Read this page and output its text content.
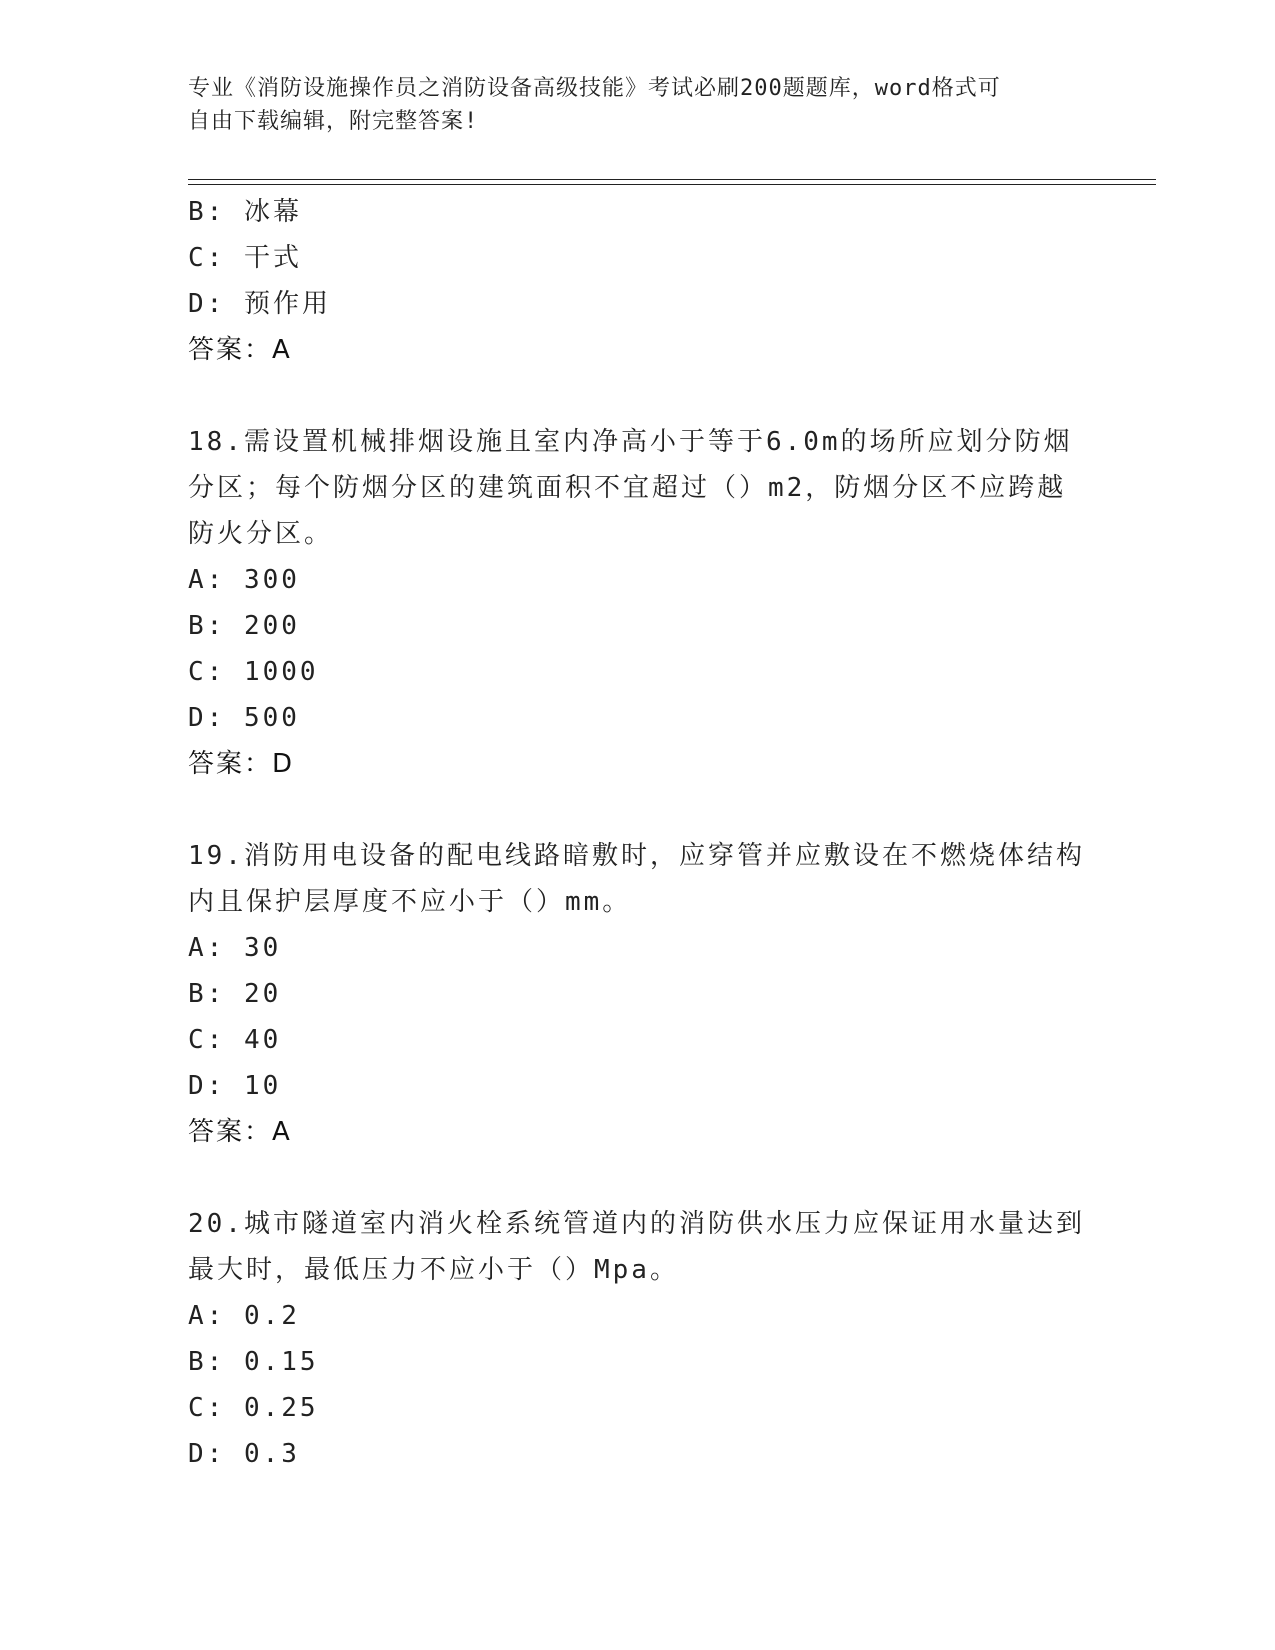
专业《消防设施操作员之消防设备高级技能》考试必刷200题题库，word格式可
自由下载编辑，附完整答案!
B: 冰幕
C: 干式
D: 预作用
答案：A
18.需设置机械排烟设施且室内净高小于等于6.0m的场所应划分防烟
分区；每个防烟分区的建筑面积不宜超过（）m2，防烟分区不应跨越
防火分区。
A: 300
B: 200
C: 1000
D: 500
答案：D
19.消防用电设备的配电线路暗敷时，应穿管并应敷设在不燃烧体结构
内且保护层厚度不应小于（）mm。
A: 30
B: 20
C: 40
D: 10
答案：A
20.城市隧道室内消火栓系统管道内的消防供水压力应保证用水量达到
最大时，最低压力不应小于（）Mpa。
A: 0.2
B: 0.15
C: 0.25
D: 0.3
